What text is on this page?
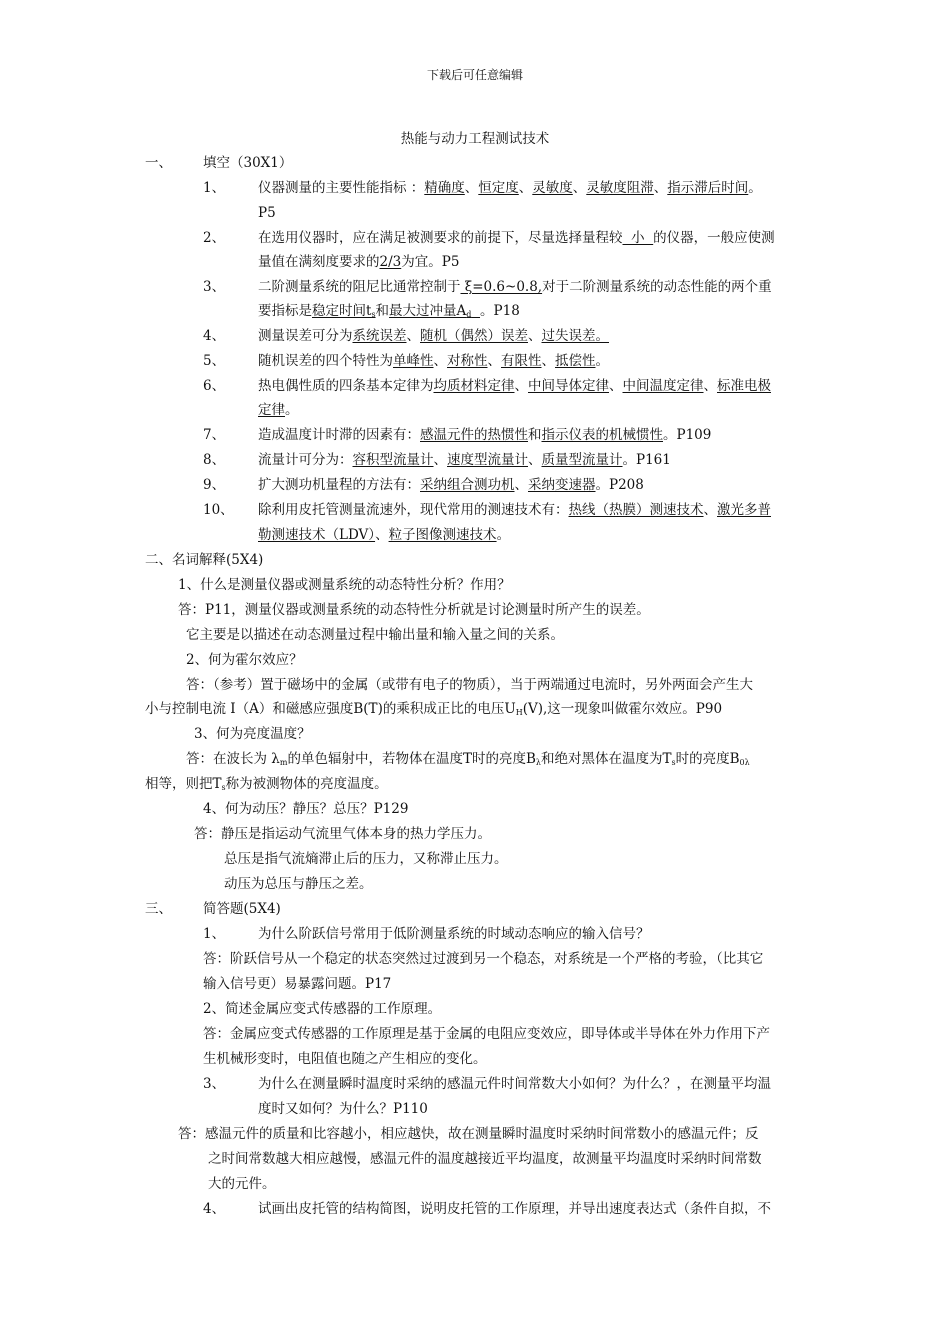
下载后可任意编辑
热能与动力工程测试技术
一、 填空（30X1）
1、 仪器测量的主要性能指标 ：精确度、恒定度、灵敏度、灵敏度阻滞、指示滞后时间。
P5
2、 在选用仪器时，应在满足被测要求的前提下，尽量选择量程较  小  的仪器，一般应使测
量值在满刻度要求的2/3为宜。P5
3、 二阶测量系统的阻尼比通常控制于 ξ=0.6~0.8,对于二阶测量系统的动态性能的两个重
要指标是稳定时间$t_s$和最大过冲量$A_d$ 。P18
4、 测量误差可分为系统误差、随机（偶然）误差、过失误差。
5、 随机误差的四个特性为单峰性、对称性、有限性、抵偿性。
6、 热电偶性质的四条基本定律为均质材料定律、中间导体定律、中间温度定律、标准电极
定律。
7、 造成温度计时滞的因素有：感温元件的热惯性和指示仪表的机械惯性。P109
8、 流量计可分为：容积型流量计、速度型流量计、质量型流量计。P161
9、 扩大测功机量程的方法有：采纳组合测功机、采纳变速器。P208
10、 除利用皮托管测量流速外，现代常用的测速技术有：热线（热膜）测速技术、激光多普
勒测速技术（LDV）、粒子图像测速技术。
二、名词解释(5X4)
1、什么是测量仪器或测量系统的动态特性分析？作用？
答：P11，测量仪器或测量系统的动态特性分析就是讨论测量时所产生的误差。
它主要是以描述在动态测量过程中输出量和输入量之间的关系。
2、何为霍尔效应？
答：（参考）置于磁场中的金属（或带有电子的物质），当于两端通过电流时，另外两面会产生大
小与控制电流 I（A）和磁感应强度B(T)的乘积成正比的电压$U_H(V)$,这一现象叫做霍尔效应。P90
3、何为亮度温度？
答：在波长为 $\lambda_m$的单色辐射中，若物体在温度T时的亮度$B_\lambda$和绝对黑体在温度为$T_s$时的亮度$B_{0\lambda}$
相等，则把$T_s$称为被测物体的亮度温度。
4、何为动压？静压？总压？P129
答：静压是指运动气流里气体本身的热力学压力。
总压是指气流熵滞止后的压力，又称滞止压力。
动压为总压与静压之差。
三、 简答题(5X4)
1、 为什么阶跃信号常用于低阶测量系统的时域动态响应的输入信号？
答：阶跃信号从一个稳定的状态突然过过渡到另一个稳态，对系统是一个严格的考验，（比其它
输入信号更）易暴露问题。P17
2、简述金属应变式传感器的工作原理。
答：金属应变式传感器的工作原理是基于金属的电阻应变效应，即导体或半导体在外力作用下产
生机械形变时，电阻值也随之产生相应的变化。
3、 为什么在测量瞬时温度时采纳的感温元件时间常数大小如何？为什么？，在测量平均温
度时又如何？为什么？P110
答：感温元件的质量和比容越小，相应越快，故在测量瞬时温度时采纳时间常数小的感温元件；反
之时间常数越大相应越慢，感温元件的温度越接近平均温度，故测量平均温度时采纳时间常数
大的元件。
4、 试画出皮托管的结构简图，说明皮托管的工作原理，并导出速度表达式（条件自拟，不
